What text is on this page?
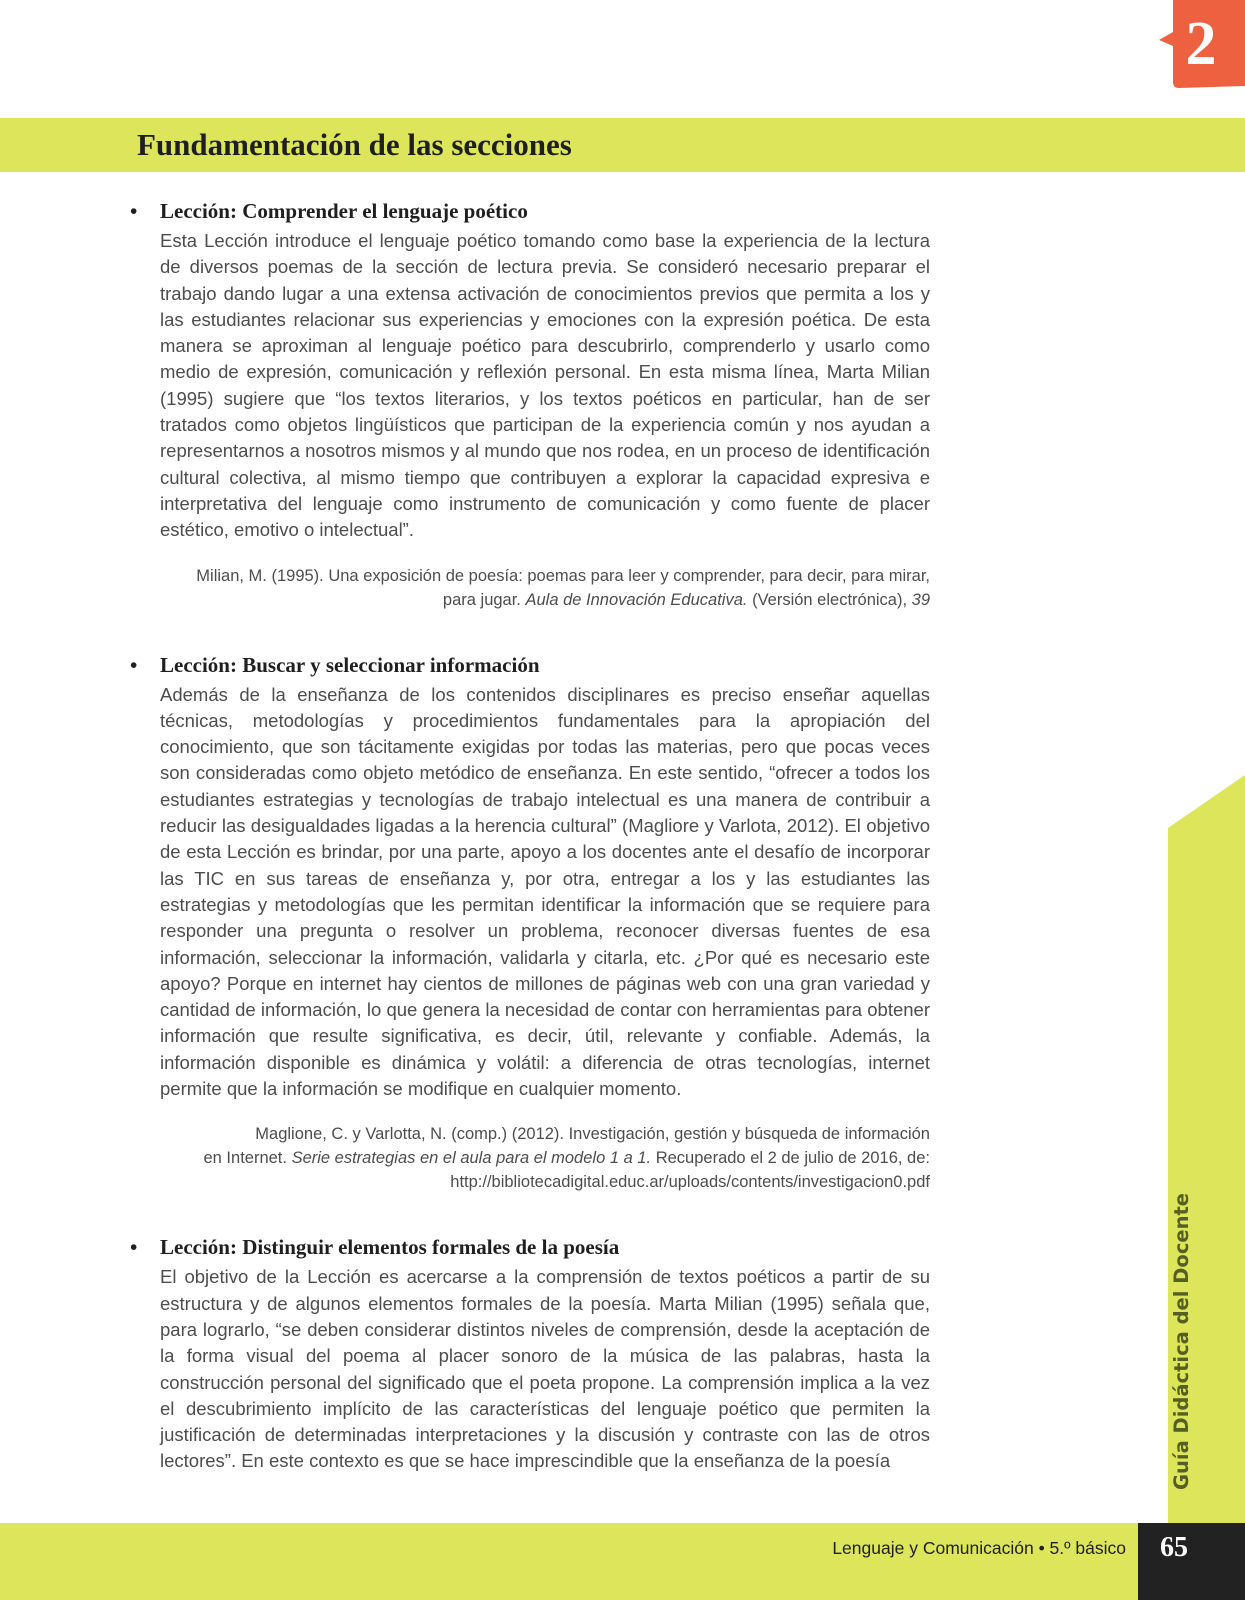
2
Fundamentación de las secciones
Guía Didáctica del Docente
• Lección: Comprender el lenguaje poético

Esta Lección introduce el lenguaje poético tomando como base la experiencia de la lectura de diversos poemas de la sección de lectura previa. Se consideró necesario preparar el trabajo dando lugar a una extensa activación de conocimientos previos que permita a los y las estudiantes relacionar sus experiencias y emociones con la expresión poética. De esta manera se aproximan al lenguaje poético para descubrirlo, comprenderlo y usarlo como medio de expresión, comunicación y reflexión personal. En esta misma línea, Marta Milian (1995) sugiere que “los textos literarios, y los textos poéticos en particular, han de ser tratados como objetos lingüísticos que participan de la experiencia común y nos ayudan a representarnos a nosotros mismos y al mundo que nos rodea, en un proceso de identificación cultural colectiva, al mismo tiempo que contribuyen a explorar la capacidad expresiva e interpretativa del lenguaje como instrumento de comunicación y como fuente de placer estético, emotivo o intelectual”.

Milian, M. (1995). Una exposición de poesía: poemas para leer y comprender, para decir, para mirar,
para jugar. Aula de Innovación Educativa. (Versión electrónica), 39

• Lección: Buscar y seleccionar información

Además de la enseñanza de los contenidos disciplinares es preciso enseñar aquellas técnicas, metodologías y procedimientos fundamentales para la apropiación del conocimiento, que son tácitamente exigidas por todas las materias, pero que pocas veces son consideradas como objeto metódico de enseñanza. En este sentido, “ofrecer a todos los estudiantes estrategias y tecnologías de trabajo intelectual es una manera de contribuir a reducir las desigualdades ligadas a la herencia cultural” (Magliore y Varlota, 2012). El objetivo de esta Lección es brindar, por una parte, apoyo a los docentes ante el desafío de incorporar las TIC en sus tareas de enseñanza y, por otra, entregar a los y las estudiantes las estrategias y metodologías que les permitan identificar la información que se requiere para responder una pregunta o resolver un problema, reconocer diversas fuentes de esa información, seleccionar la información, validarla y citarla, etc. ¿Por qué es necesario este apoyo? Porque en internet hay cientos de millones de páginas web con una gran variedad y cantidad de información, lo que genera la necesidad de contar con herramientas para obtener información que resulte significativa, es decir, útil, relevante y confiable. Además, la información disponible es dinámica y volátil: a diferencia de otras tecnologías, internet permite que la información se modifique en cualquier momento.

Maglione, C. y Varlotta, N. (comp.) (2012). Investigación, gestión y búsqueda de información
en Internet. Serie estrategias en el aula para el modelo 1 a 1. Recuperado el 2 de julio de 2016, de:
http://bibliotecadigital.educ.ar/uploads/contents/investigacion0.pdf

• Lección: Distinguir elementos formales de la poesía

El objetivo de la Lección es acercarse a la comprensión de textos poéticos a partir de su estructura y de algunos elementos formales de la poesía. Marta Milian (1995) señala que, para lograrlo, “se deben considerar distintos niveles de comprensión, desde la aceptación de la forma visual del poema al placer sonoro de la música de las palabras, hasta la construcción personal del significado que el poeta propone. La comprensión implica a la vez el descubrimiento implícito de las características del lenguaje poético que permiten la justificación de determinadas interpretaciones y la discusión y contraste con las de otros lectores”. En este contexto es que se hace imprescindible que la enseñanza de la poesía

Lenguaje y Comunicación • 5.º básico	65
